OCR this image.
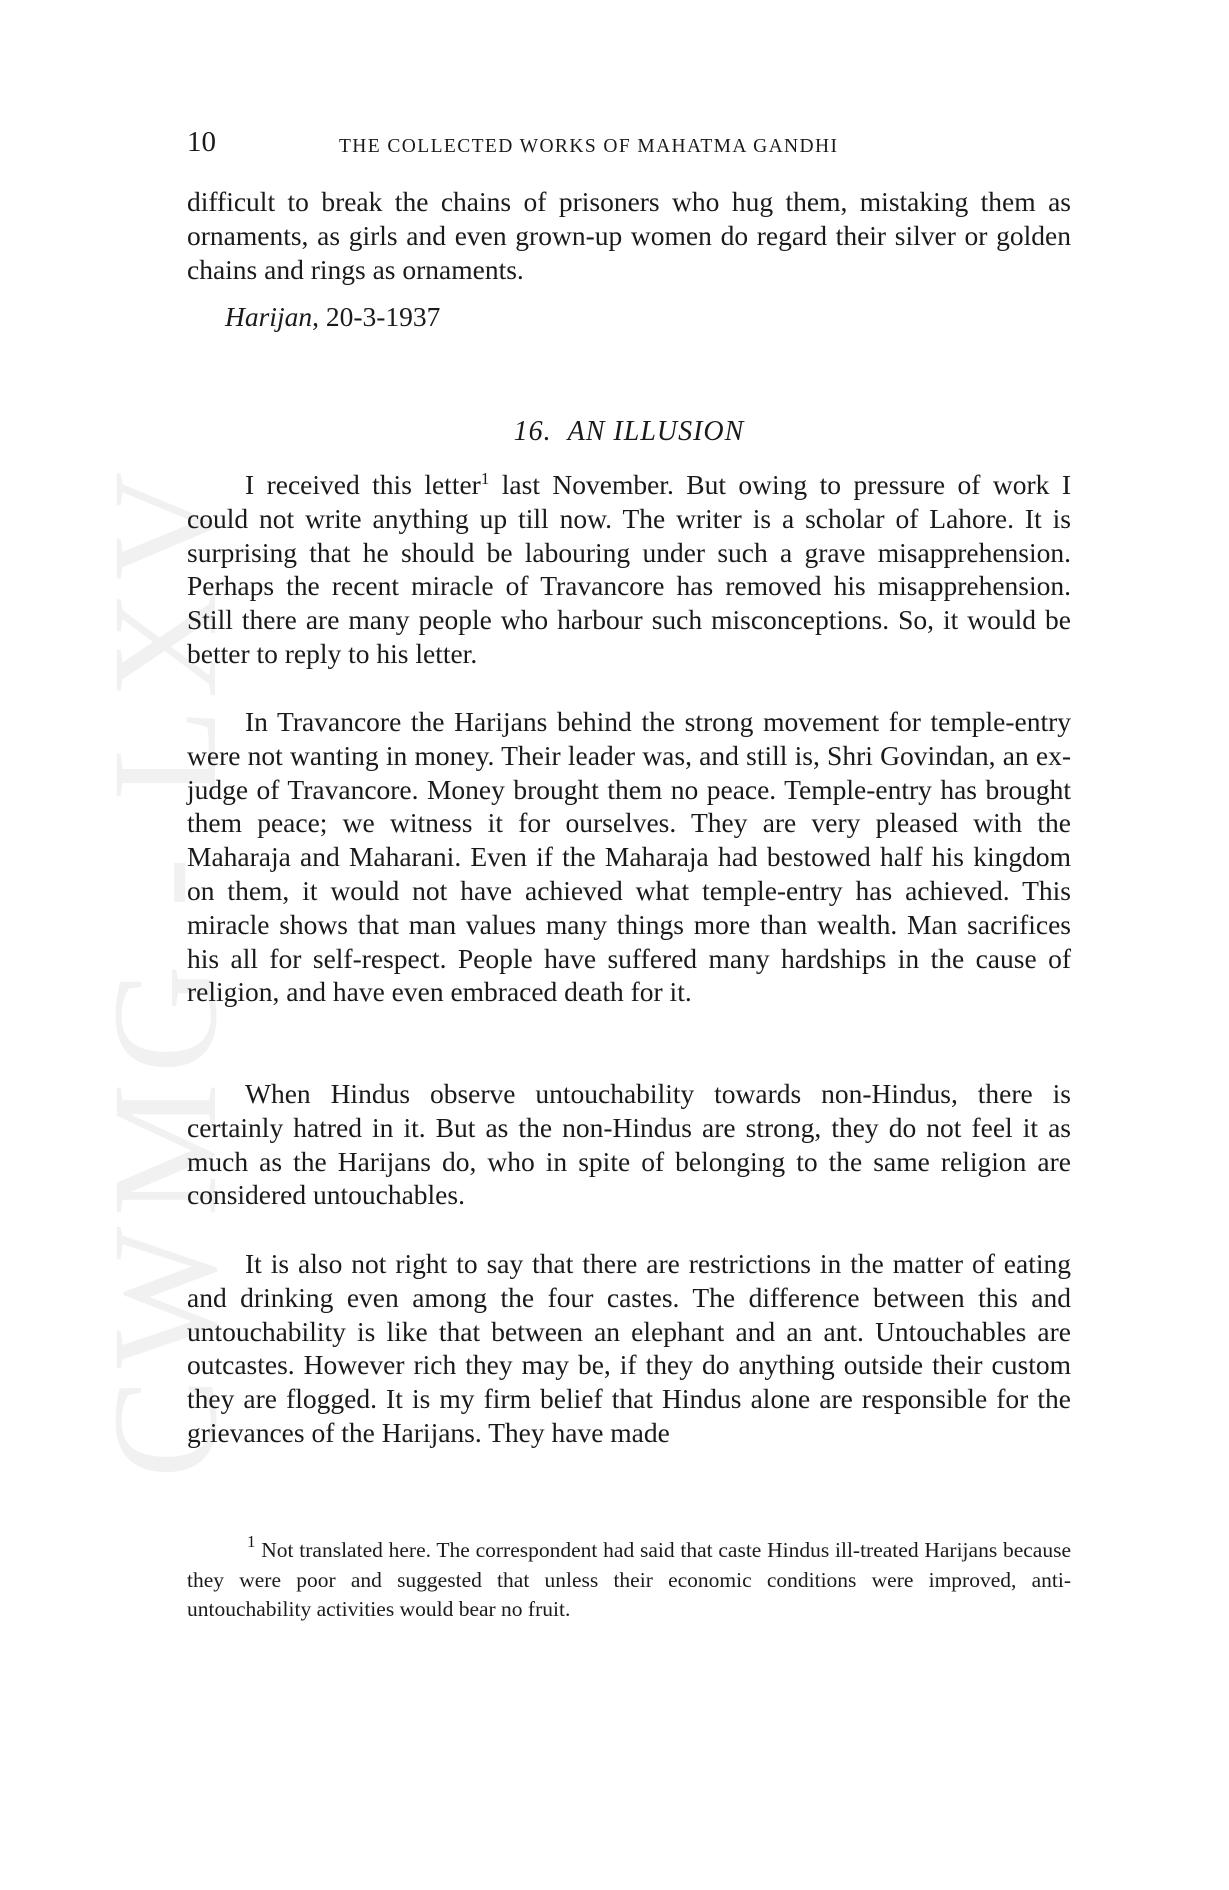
CWMG - LXV
10	THE COLLECTED WORKS OF MAHATMA GANDHI

difficult to break the chains of prisoners who hug them, mistaking them as ornaments, as girls and even grown-up women do regard their silver or golden chains and rings as ornaments.

Harijan, 20-3-1937
16. AN ILLUSION

I received this letter$^1$ last November. But owing to pressure of work I could not write anything up till now. The writer is a scholar of Lahore. It is surprising that he should be labouring under such a grave misapprehension. Perhaps the recent miracle of Travancore has removed his misapprehension. Still there are many people who harbour such misconceptions. So, it would be better to reply to his letter.

In Travancore the Harijans behind the strong movement for temple-entry were not wanting in money. Their leader was, and still is, Shri Govindan, an ex-judge of Travancore. Money brought them no peace. Temple-entry has brought them peace; we witness it for ourselves. They are very pleased with the Maharaja and Maharani. Even if the Maharaja had bestowed half his kingdom on them, it would not have achieved what temple-entry has achieved. This miracle shows that man values many things more than wealth. Man sacrifices his all for self-respect. People have suffered many hardships in the cause of religion, and have even embraced death for it.

When Hindus observe untouchability towards non-Hindus, there is certainly hatred in it. But as the non-Hindus are strong, they do not feel it as much as the Harijans do, who in spite of belonging to the same religion are considered untouchables.

It is also not right to say that there are restrictions in the matter of eating and drinking even among the four castes. The difference between this and untouchability is like that between an elephant and an ant. Untouchables are outcastes. However rich they may be, if they do anything outside their custom they are flogged. It is my firm belief that Hindus alone are responsible for the grievances of the Harijans. They have made

$^1$ Not translated here. The correspondent had said that caste Hindus ill-treated Harijans because they were poor and suggested that unless their economic conditions were improved, anti-untouchability activities would bear no fruit.
